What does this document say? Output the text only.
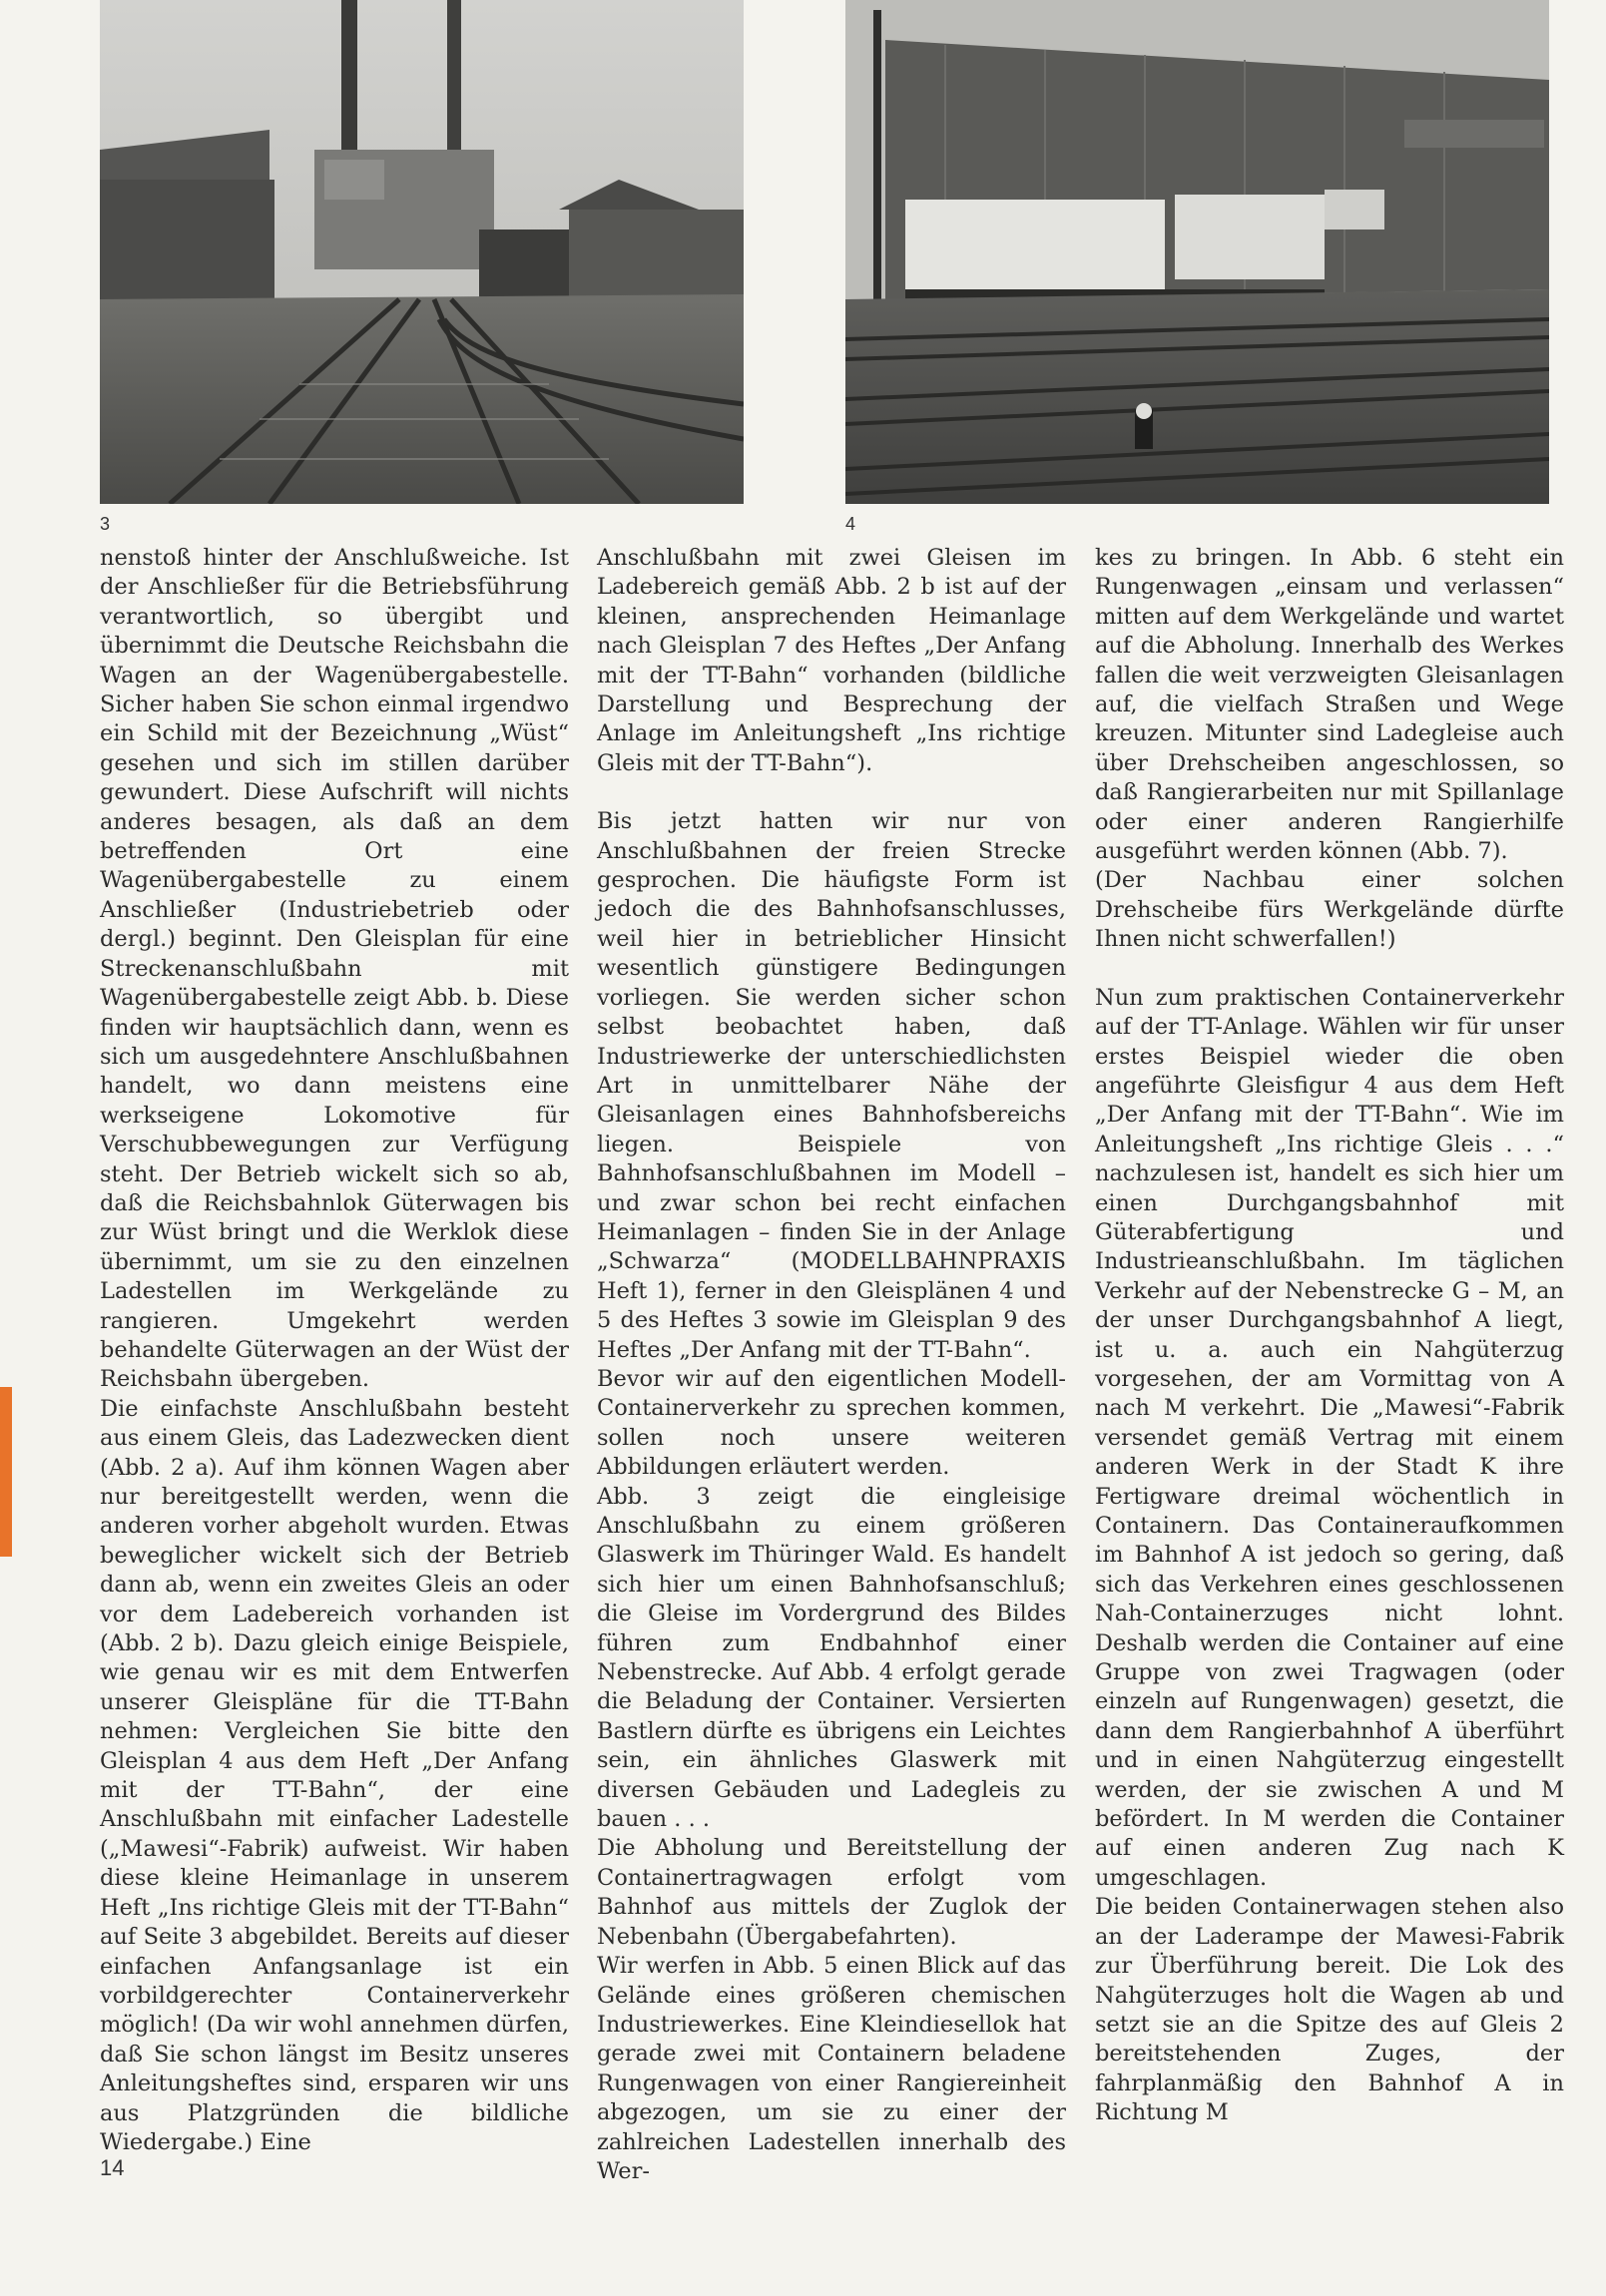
3	4

nenstoß hinter der Anschlußweiche. Ist der Anschließer für die Betriebsführung verantwortlich, so übergibt und übernimmt die Deutsche Reichsbahn die Wagen an der Wagenübergabestelle. Sicher haben Sie schon einmal irgendwo ein Schild mit der Bezeichnung „Wüst“ gesehen und sich im stillen darüber gewundert. Diese Aufschrift will nichts anderes besagen, als daß an dem betreffenden Ort eine Wagenübergabestelle zu einem Anschließer (Industriebetrieb oder dergl.) beginnt. Den Gleisplan für eine Streckenanschlußbahn mit Wagenübergabestelle zeigt Abb. b. Diese finden wir hauptsächlich dann, wenn es sich um ausgedehntere Anschlußbahnen handelt, wo dann meistens eine werkseigene Lokomotive für Verschubbewegungen zur Verfügung steht. Der Betrieb wickelt sich so ab, daß die Reichsbahnlok Güterwagen bis zur Wüst bringt und die Werklok diese übernimmt, um sie zu den einzelnen Ladestellen im Werkgelände zu rangieren. Umgekehrt werden behandelte Güterwagen an der Wüst der Reichsbahn übergeben.

Die einfachste Anschlußbahn besteht aus einem Gleis, das Ladezwecken dient (Abb. 2 a). Auf ihm können Wagen aber nur bereitgestellt werden, wenn die anderen vorher abgeholt wurden. Etwas beweglicher wickelt sich der Betrieb dann ab, wenn ein zweites Gleis an oder vor dem Ladebereich vorhanden ist (Abb. 2 b). Dazu gleich einige Beispiele, wie genau wir es mit dem Entwerfen unserer Gleispläne für die TT-Bahn nehmen: Vergleichen Sie bitte den Gleisplan 4 aus dem Heft „Der Anfang mit der TT-Bahn“, der eine Anschlußbahn mit einfacher Ladestelle („Mawesi“-Fabrik) aufweist. Wir haben diese kleine Heimanlage in unserem Heft „Ins richtige Gleis mit der TT-Bahn“ auf Seite 3 abgebildet. Bereits auf dieser einfachen Anfangsanlage ist ein vorbildgerechter Containerverkehr möglich! (Da wir wohl annehmen dürfen, daß Sie schon längst im Besitz unseres Anleitungsheftes sind, ersparen wir uns aus Platzgründen die bildliche Wiedergabe.) Eine

Anschlußbahn mit zwei Gleisen im Ladebereich gemäß Abb. 2 b ist auf der kleinen, ansprechenden Heimanlage nach Gleisplan 7 des Heftes „Der Anfang mit der TT-Bahn“ vorhanden (bildliche Darstellung und Besprechung der Anlage im Anleitungsheft „Ins richtige Gleis mit der TT-Bahn“).

Bis jetzt hatten wir nur von Anschlußbahnen der freien Strecke gesprochen. Die häufigste Form ist jedoch die des Bahnhofsanschlusses, weil hier in betrieblicher Hinsicht wesentlich günstigere Bedingungen vorliegen. Sie werden sicher schon selbst beobachtet haben, daß Industriewerke der unterschiedlichsten Art in unmittelbarer Nähe der Gleisanlagen eines Bahnhofsbereichs liegen. Beispiele von Bahnhofsanschlußbahnen im Modell – und zwar schon bei recht einfachen Heimanlagen – finden Sie in der Anlage „Schwarza“ (MODELLBAHNPRAXIS Heft 1), ferner in den Gleisplänen 4 und 5 des Heftes 3 sowie im Gleisplan 9 des Heftes „Der Anfang mit der TT-Bahn“.

Bevor wir auf den eigentlichen Modell-Containerverkehr zu sprechen kommen, sollen noch unsere weiteren Abbildungen erläutert werden.

Abb. 3 zeigt die eingleisige Anschlußbahn zu einem größeren Glaswerk im Thüringer Wald. Es handelt sich hier um einen Bahnhofsanschluß; die Gleise im Vordergrund des Bildes führen zum Endbahnhof einer Nebenstrecke. Auf Abb. 4 erfolgt gerade die Beladung der Container. Versierten Bastlern dürfte es übrigens ein Leichtes sein, ein ähnliches Glaswerk mit diversen Gebäuden und Ladegleis zu bauen . . .

Die Abholung und Bereitstellung der Containertragwagen erfolgt vom Bahnhof aus mittels der Zuglok der Nebenbahn (Übergabefahrten).

Wir werfen in Abb. 5 einen Blick auf das Gelände eines größeren chemischen Industriewerkes. Eine Kleindiesellok hat gerade zwei mit Containern beladene Rungenwagen von einer Rangiereinheit abgezogen, um sie zu einer der zahlreichen Ladestellen innerhalb des Wer-

kes zu bringen. In Abb. 6 steht ein Rungenwagen „einsam und verlassen“ mitten auf dem Werkgelände und wartet auf die Abholung. Innerhalb des Werkes fallen die weit verzweigten Gleisanlagen auf, die vielfach Straßen und Wege kreuzen. Mitunter sind Ladegleise auch über Drehscheiben angeschlossen, so daß Rangierarbeiten nur mit Spillanlage oder einer anderen Rangierhilfe ausgeführt werden können (Abb. 7).

(Der Nachbau einer solchen Drehscheibe fürs Werkgelände dürfte Ihnen nicht schwerfallen!)

Nun zum praktischen Containerverkehr auf der TT-Anlage. Wählen wir für unser erstes Beispiel wieder die oben angeführte Gleisfigur 4 aus dem Heft „Der Anfang mit der TT-Bahn“. Wie im Anleitungsheft „Ins richtige Gleis . . .“ nachzulesen ist, handelt es sich hier um einen Durchgangsbahnhof mit Güterabfertigung und Industrieanschlußbahn. Im täglichen Verkehr auf der Nebenstrecke G – M, an der unser Durchgangsbahnhof A liegt, ist u. a. auch ein Nahgüterzug vorgesehen, der am Vormittag von A nach M verkehrt. Die „Mawesi“-Fabrik versendet gemäß Vertrag mit einem anderen Werk in der Stadt K ihre Fertigware dreimal wöchentlich in Containern. Das Containeraufkommen im Bahnhof A ist jedoch so gering, daß sich das Verkehren eines geschlossenen Nah-Containerzuges nicht lohnt. Deshalb werden die Container auf eine Gruppe von zwei Tragwagen (oder einzeln auf Rungenwagen) gesetzt, die dann dem Rangierbahnhof A überführt und in einen Nahgüterzug eingestellt werden, der sie zwischen A und M befördert. In M werden die Container auf einen anderen Zug nach K umgeschlagen.

Die beiden Containerwagen stehen also an der Laderampe der Mawesi-Fabrik zur Überführung bereit. Die Lok des Nahgüterzuges holt die Wagen ab und setzt sie an die Spitze des auf Gleis 2 bereitstehenden Zuges, der fahrplanmäßig den Bahnhof A in Richtung M

14
